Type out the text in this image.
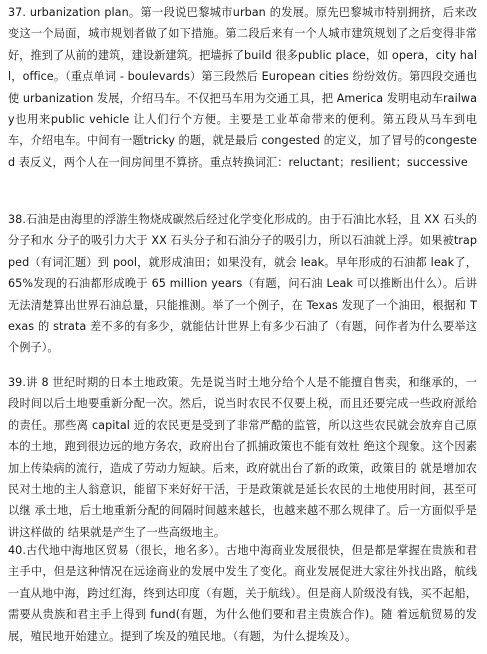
37. urbanization plan。第一段说巴黎城市urban 的发展。原先巴黎城市特别拥挤，后来改变这一个局面，城市规划者做了如下措施。第二段后来有一个人城市建筑规划了之后变得非常好，推到了从前的建筑，建设新建筑。把墙拆了build 很多public place，如 opera，city hall，office。（重点单词 - boulevards）第三段然后 European cities 纷纷效仿。第四段交通也使 urbanization 发展，介绍马车。不仅把马车用为交通工具，把 America 发明电动车railway也用来public vehicle 让人们行个方便。主要是工业革命带来的便利。第五段从马车到电车，介绍电车。中间有一题tricky 的题，就是最后 congested 的定义，加了冒号的congested 表反义，两个人在一间房间里不算挤。重点转换词汇：reluctant；resilient；successive

38.石油是由海里的浮游生物烧成碳然后经过化学变化形成的。由于石油比水轻，且 XX 石头的分子和水 分子的吸引力大于 XX 石头分子和石油分子的吸引力，所以石油就上浮。如果被trapped（有词汇题）到 pool，就形成油田；如果没有，就会 leak。早年形成的石油都 leak了，65%发现的石油都形成晚于 65 million years（有题，问石油 Leak 可以推断出什么）。后讲无法清楚算出世界石油总量，只能推测。举了一个例子，在 Texas 发现了一个油田，根据和 Texas 的 strata 差不多的有多少，就能估计世界上有多少石油了（有题，问作者为什么要举这个例子）。

39.讲 8 世纪时期的日本土地政策。先是说当时土地分给个人是不能擅自售卖，和继承的，一段时间以后土地要重新分配一次。然后，说当时农民不仅要上税，而且还要完成一些政府派给的责任。那些离 capital 近的农民更是受到了非常严酷的监管，所以这些农民就会放弃自己原本的土地，跑到很边远的地方务农，政府出台了抓捕政策也不能有效杜 绝这个现象。这个因素加上传染病的流行，造成了劳动力短缺。后来，政府就出台了新的政策，政策目的 就是增加农民对土地的主人翁意识，能留下来好好干活，于是政策就是延长农民的土地使用时间，甚至可以继 承土地，后土地重新分配的间隔时间越来越长，也越来越不那么规律了。后一方面似乎是讲这样做的 结果就是产生了一些高级地主。

40.古代地中海地区贸易（很长，地名多）。古地中海商业发展很快，但是都是掌握在贵族和君主手中，但是这种情况在远途商业的发展中发生了变化。商业发展促进大家往外找出路，航线一直从地中海，跨过红海，终到达印度（有题，关于航线）。但是商人阶级没有钱，买不起船，需要从贵族和君主手上得到 fund(有题，为什么他们要和君主贵族合作)。随 着远航贸易的发展，殖民地开始建立。提到了埃及的殖民地。（有题，为什么提埃及）。
